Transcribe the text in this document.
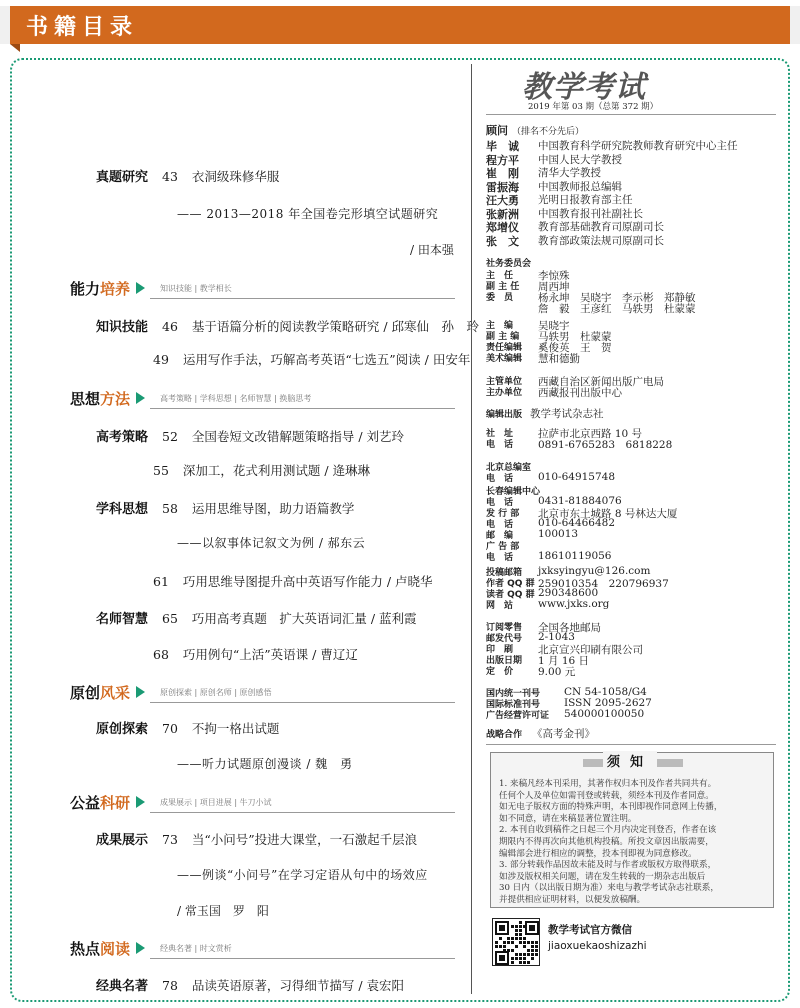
书籍目录
真题研究 43 衣洞级珠修华服
—— 2013—2018 年全国卷完形填空试题研究
/ 田本强
能力培养	知识技能 | 教学相长
知识技能 46 基于语篇分析的阅读教学策略研究 / 邱寒仙　孙　玲
49 运用写作手法，巧解高考英语“七选五”阅读 / 田安年
思想方法	高考策略 | 学科思想 | 名师智慧 | 换脑思考
高考策略 52 全国卷短文改错解题策略指导 / 刘艺玲
55 深加工，花式利用测试题 / 逄琳琳
学科思想 58 运用思维导图，助力语篇教学
——以叙事体记叙文为例 / 郝东云
61 巧用思维导图提升高中英语写作能力 / 卢晓华
名师智慧 65 巧用高考真题　扩大英语词汇量 / 蓝利霞
68 巧用例句“上活”英语课 / 曹辽辽
原创风采	原创探索 | 原创名师 | 原创感悟
原创探索 70 不拘一格出试题
——听力试题原创漫谈 / 魏　勇
公益科研	成果展示 | 项目进展 | 牛刀小试
成果展示 73 当“小问号”投进大课堂，一石激起千层浪
——例谈“小问号”在学习定语从句中的场效应
/ 常玉国　罗　阳
热点阅读	经典名著 | 时文赏析
经典名著 78 品读英语原著，习得细节描写 / 袁宏阳
教学考试
2019 年第 03 期（总第 372 期）
顾问 （排名不分先后）
毕　诚 中国教育科学研究院教师教育研究中心主任
程方平 中国人民大学教授
崔　刚 清华大学教授
雷振海 中国教师报总编辑
汪大勇 光明日报教育部主任
张新洲 中国教育报刊社副社长
郑增仪 教育部基础教育司原副司长
张　文 教育部政策法规司原副司长
社务委员会
主　任 李惊殊
副 主 任 周西坤
委　员 杨永坤　吴晓宇　李示彬　郑静敏
詹　毅　王彦红　马轶男　杜蒙蒙
主　编 吴晓宇
副 主 编 马轶男　杜蒙蒙
责任编辑 奚俊英　王　贺
美术编辑 慧和德勤
主管单位 西藏自治区新闻出版广电局
主办单位 西藏报刊出版中心
编辑出版 教学考试杂志社
社　址 拉萨市北京西路 10 号
电　话 0891-6765283　6818228
北京总编室
电　话 010-64915748
长春编辑中心
电　话 0431-81884076
发 行 部 北京市东土城路 8 号林达大厦
电　话 010-64466482
邮　编 100013
广 告 部
电　话 18610119056
投稿邮箱 jxksyingyu@126.com
作者 QQ 群 259010354　220796937
读者 QQ 群 290348600
网　站 www.jxks.org
订阅零售 全国各地邮局
邮发代号 2-1043
印　刷 北京宣兴印刷有限公司
出版日期 1 月 16 日
定　价 9.00 元
国内统一刊号 CN 54-1058/G4
国际标准刊号 ISSN 2095-2627
广告经营许可证 540000100050
战略合作 《高考金刊》
须知
1. 来稿凡经本刊采用，其著作权归本刊及作者共同共有。
任何个人及单位如需刊登或转载，须经本刊及作者同意。
如无电子版权方面的特殊声明，本刊即视作同意网上传播，
如不同意，请在来稿显著位置注明。
2. 本刊自收到稿件之日起三个月内决定刊登否，作者在该
期限内不得再次向其他机构投稿。所投文章因出版需要，
编辑部会进行相应的调整，投本刊即视为同意修改。
3. 部分转载作品因故未能及时与作者或版权方取得联系，
如涉及版权相关问题，请在发生转载的一期杂志出版后
30 日内（以出版日期为准）来电与教学考试杂志社联系，
并提供相应证明材料，以便发放稿酬。
教学考试官方微信
jiaoxuekaoshizazhi
